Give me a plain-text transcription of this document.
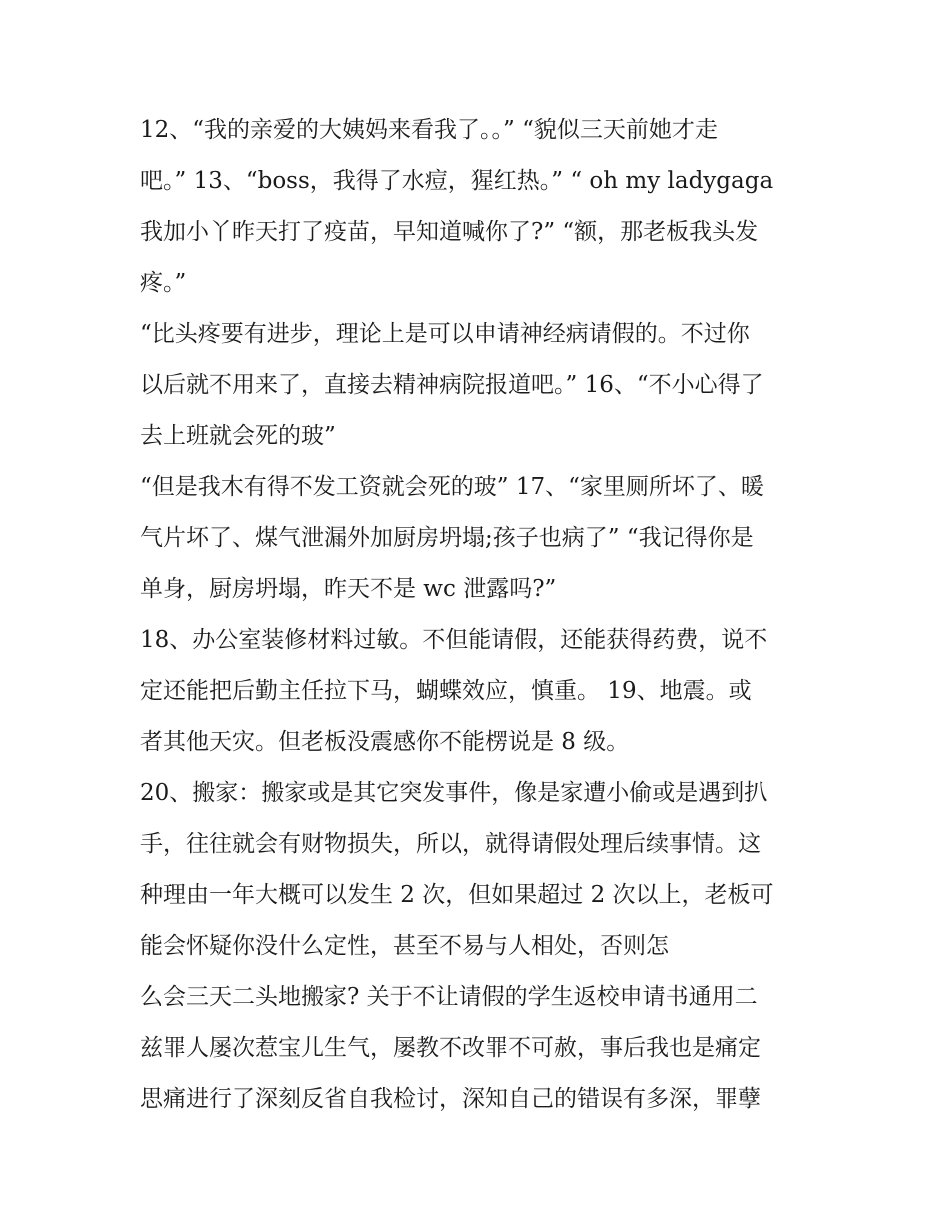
12、“我的亲爱的大姨妈来看我了。。” “貌似三天前她才走
吧。” 13、“boss，我得了水痘，猩红热。” “ oh my ladygaga
我加小丫昨天打了疫苗，早知道喊你了?” “额，那老板我头发
疼。”
“比头疼要有进步，理论上是可以申请神经病请假的。不过你
以后就不用来了，直接去精神病院报道吧。” 16、“不小心得了
去上班就会死的玻”
“但是我木有得不发工资就会死的玻” 17、“家里厕所坏了、暖
气片坏了、煤气泄漏外加厨房坍塌;孩子也病了” “我记得你是
单身，厨房坍塌，昨天不是 wc 泄露吗?”
18、办公室装修材料过敏。不但能请假，还能获得药费，说不
定还能把后勤主任拉下马，蝴蝶效应，慎重。 19、地震。或
者其他天灾。但老板没震感你不能楞说是 8 级。
20、搬家：搬家或是其它突发事件，像是家遭小偷或是遇到扒
手，往往就会有财物损失，所以，就得请假处理后续事情。这
种理由一年大概可以发生 2 次，但如果超过 2 次以上，老板可
能会怀疑你没什么定性，甚至不易与人相处，否则怎
么会三天二头地搬家? 关于不让请假的学生返校申请书通用二
兹罪人屡次惹宝儿生气，屡教不改罪不可赦，事后我也是痛定
思痛进行了深刻反省自我检讨，深知自己的错误有多深，罪孽
